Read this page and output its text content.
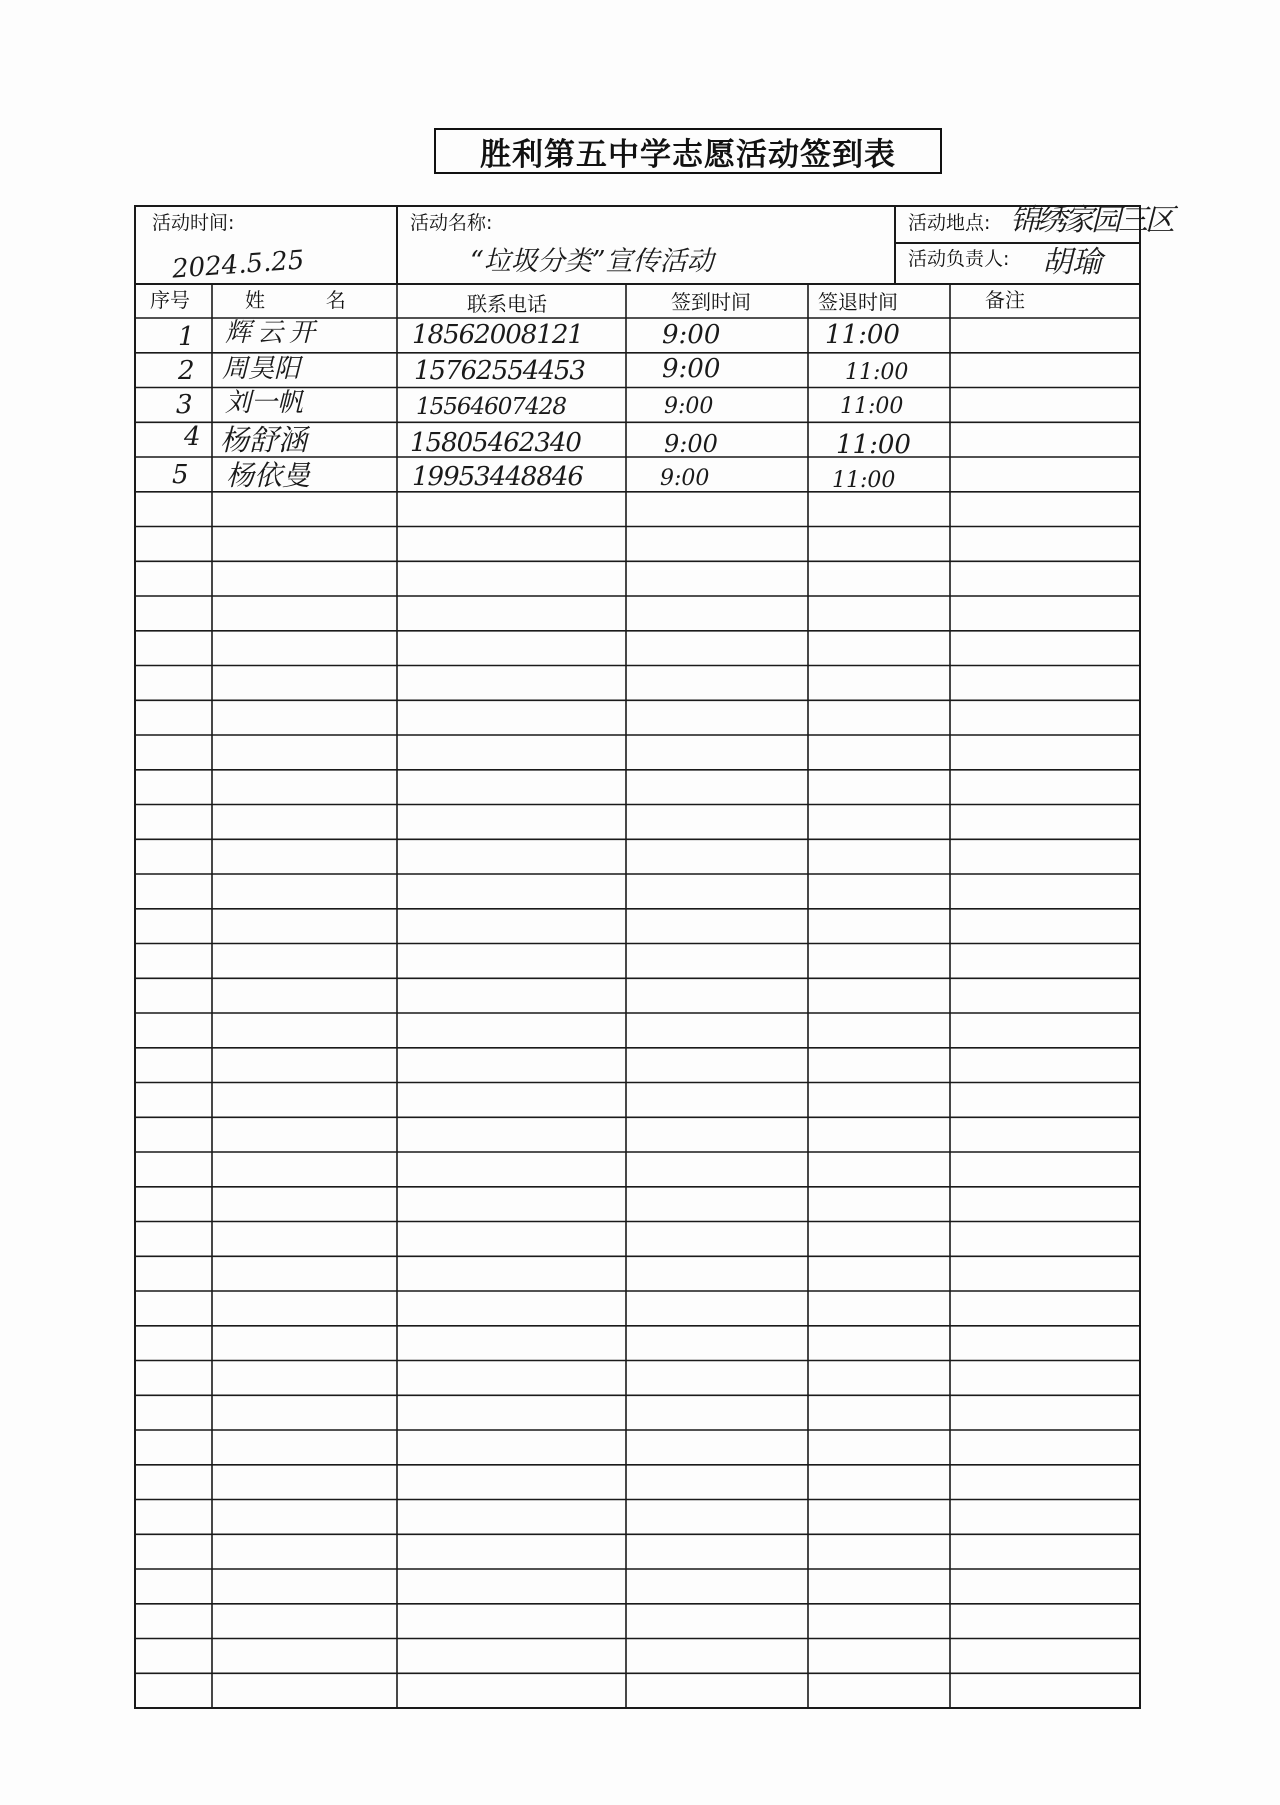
胜利第五中学志愿活动签到表
活动时间:
2024.5.25
活动名称:
“垃圾分类”宣传活动
活动地点: 锦绣家园三区
活动负责人: 胡瑜
序号	姓  名	联系电话	签到时间	签退时间	备注
1 辉云开	18562008121	9:00	11:00
2 周昊阳	15762554453	9:00	11:00
3 刘一帆	15564607428	9:00	11:00
4 杨舒涵	15805462340	9:00	11:00
5 杨依曼	19953448846	9:00	11:00
